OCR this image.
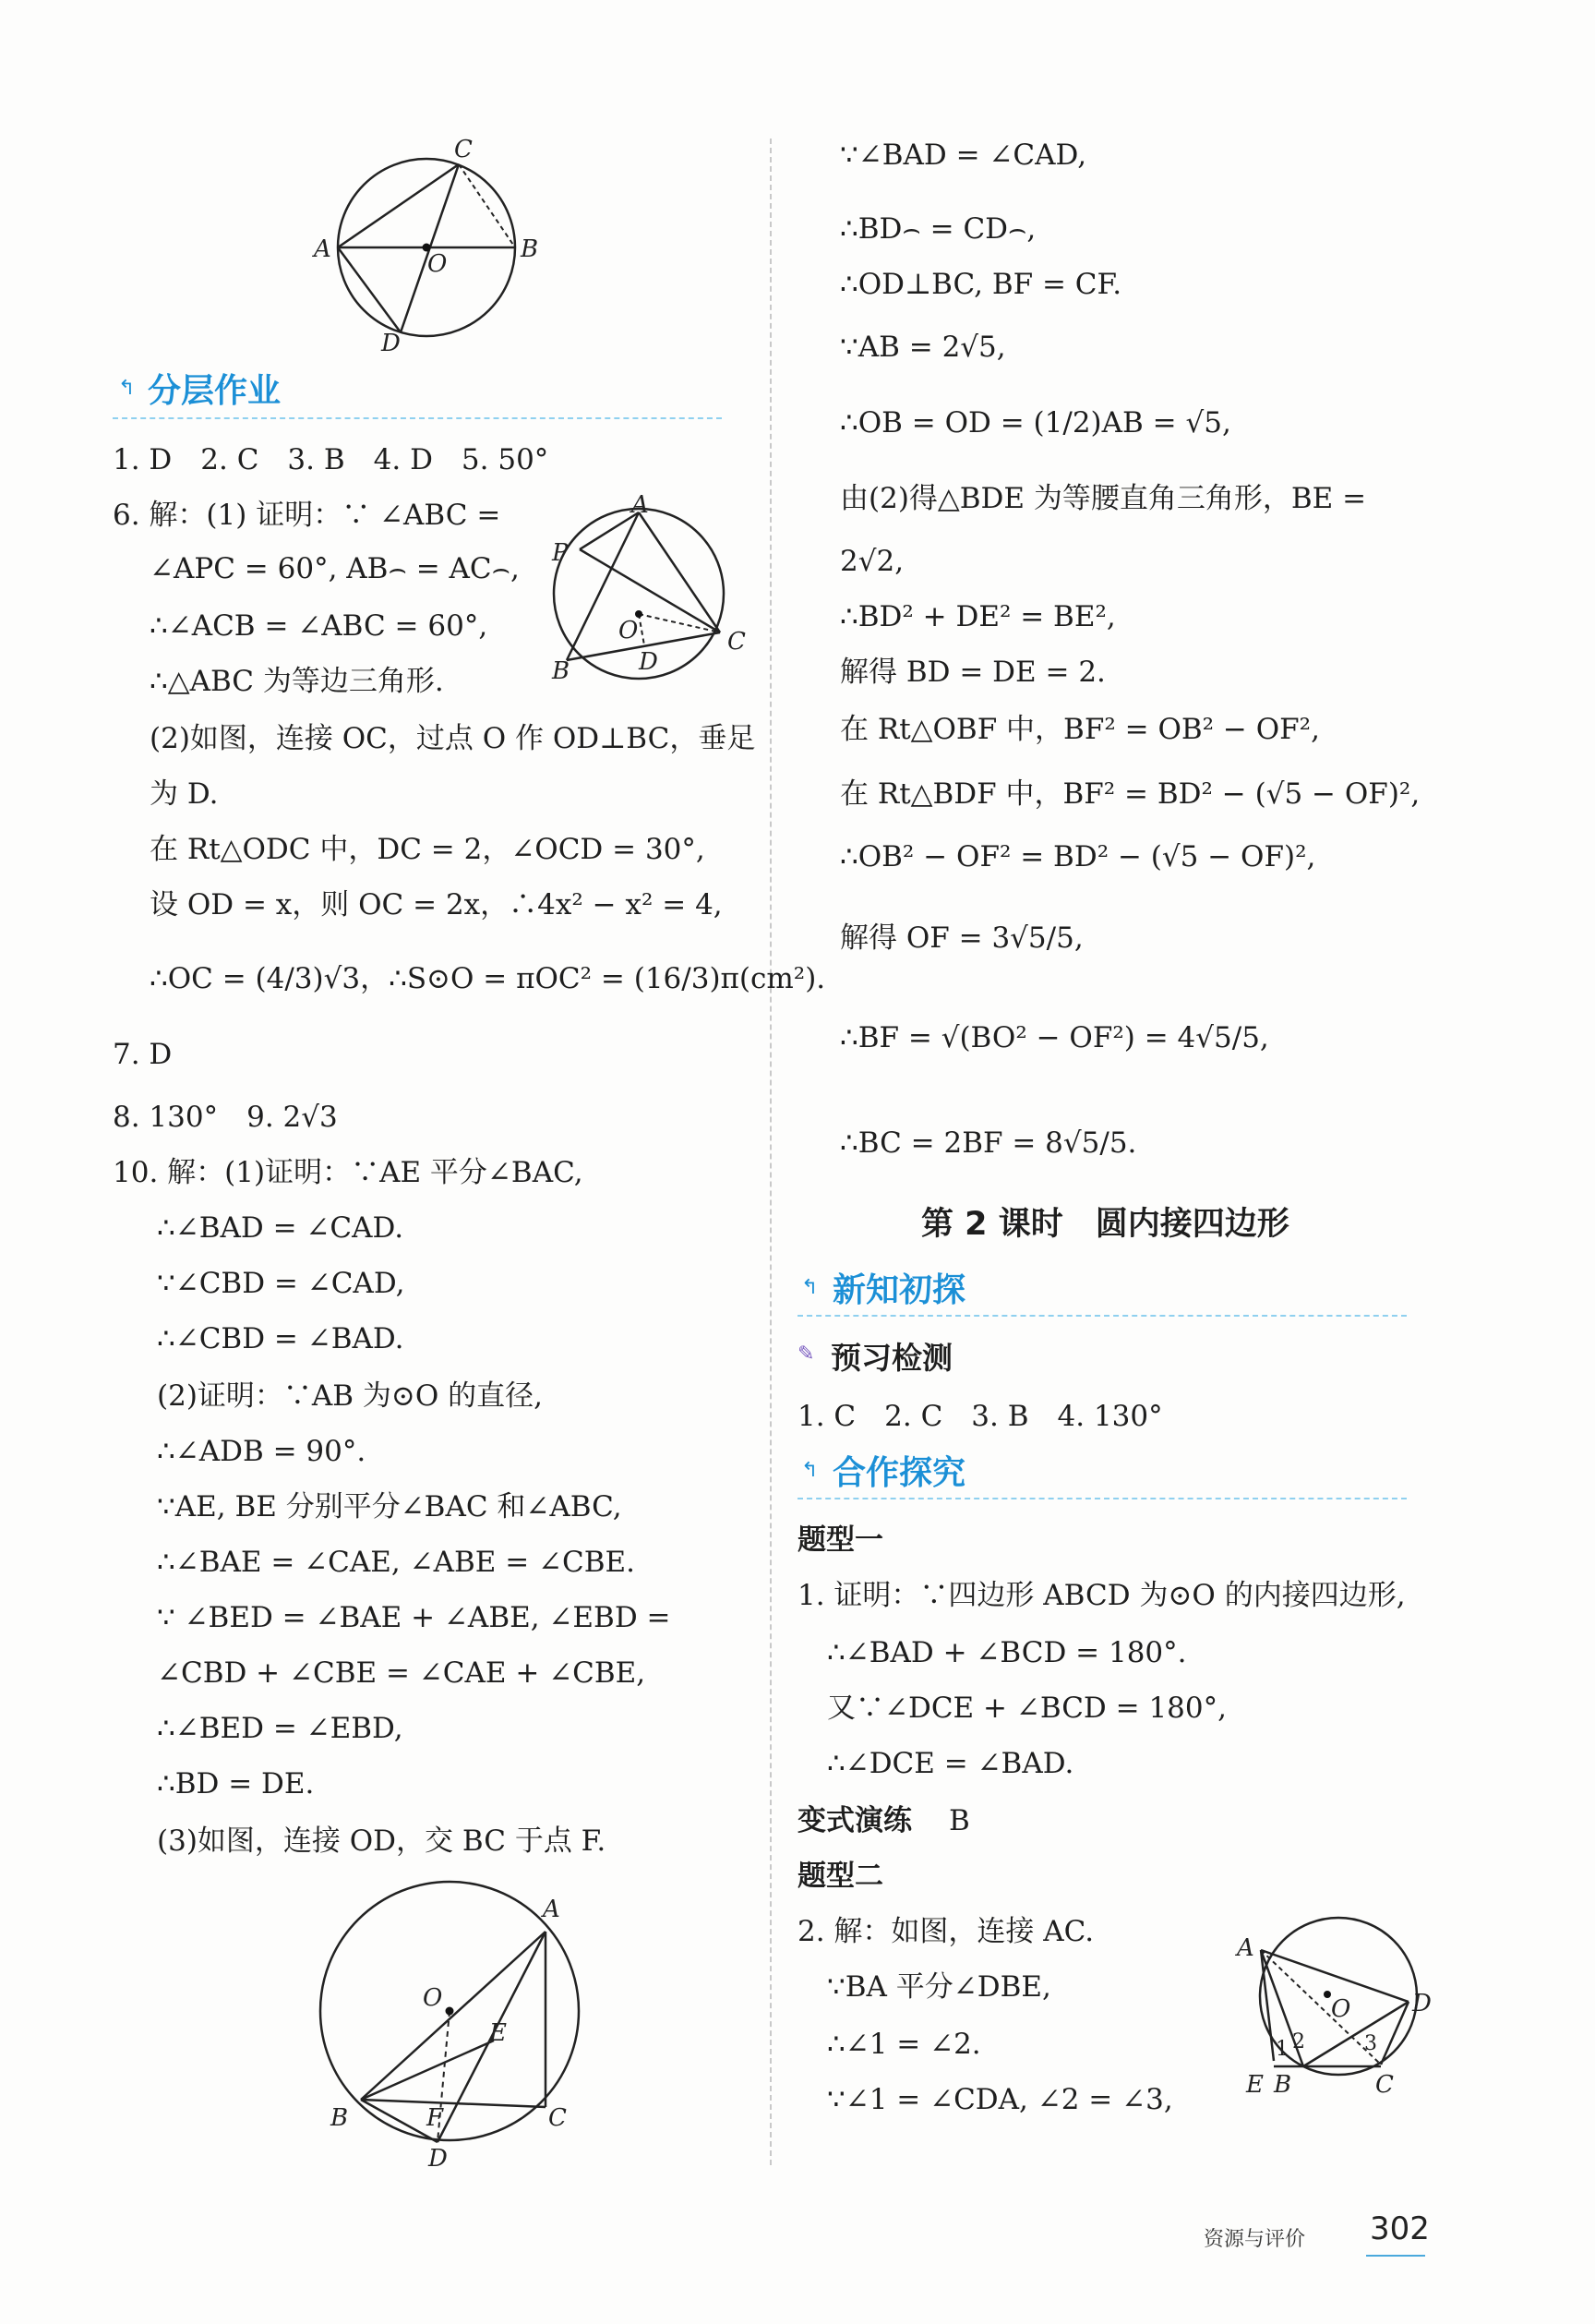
C
A
O
B
D
↰ 分层作业
1. D　2. C　3. B　4. D　5. 50°
6. 解：(1) 证明：∵ ∠ABC =
∠APC = 60°, AB⌢ = AC⌢,
∴∠ACB = ∠ABC = 60°,
∴△ABC 为等边三角形.
(2)如图，连接 OC，过点 O 作 OD⊥BC，垂足
为 D.
在 Rt△ODC 中，DC = 2，∠OCD = 30°,
设 OD = x，则 OC = 2x，∴4x² − x² = 4,
∴OC = (4/3)√3，∴S⊙O = πOC² = (16/3)π(cm²).
7. D
8. 130°　9. 2√3
10. 解：(1)证明：∵AE 平分∠BAC,
∴∠BAD = ∠CAD.
∵∠CBD = ∠CAD,
∴∠CBD = ∠BAD.
(2)证明：∵AB 为⊙O 的直径,
∴∠ADB = 90°.
∵AE, BE 分别平分∠BAC 和∠ABC,
∴∠BAE = ∠CAE, ∠ABE = ∠CBE.
∵ ∠BED = ∠BAE + ∠ABE, ∠EBD =
∠CBD + ∠CBE = ∠CAE + ∠CBE,
∴∠BED = ∠EBD,
∴BD = DE.
(3)如图，连接 OD，交 BC 于点 F.
A
P
O
D
C
B
A
O
E
B	F	C
D
∵∠BAD = ∠CAD,
∴BD⌢ = CD⌢,
∴OD⊥BC, BF = CF.
∵AB = 2√5,
∴OB = OD = (1/2)AB = √5,
由(2)得△BDE 为等腰直角三角形，BE =
2√2,
∴BD² + DE² = BE²,
解得 BD = DE = 2.
在 Rt△OBF 中，BF² = OB² − OF²,
在 Rt△BDF 中，BF² = BD² − (√5 − OF)²,
∴OB² − OF² = BD² − (√5 − OF)²,
解得 OF = 3√5/5,
∴BF = √(BO² − OF²) = 4√5/5,
∴BC = 2BF = 8√5/5.
第 2 课时　圆内接四边形
↰ 新知初探
✎ 预习检测
1. C　2. C　3. B　4. 130°
↰ 合作探究
题型一
1. 证明：∵四边形 ABCD 为⊙O 的内接四边形,
∴∠BAD + ∠BCD = 180°.
又∵∠DCE + ∠BCD = 180°,
∴∠DCE = ∠BAD.
变式演练 B
题型二
2. 解：如图，连接 AC.
∵BA 平分∠DBE,
∴∠1 = ∠2.
∵∠1 = ∠CDA, ∠2 = ∠3,
A
O	D
1 2	3
E B	C
资源与评价 302
